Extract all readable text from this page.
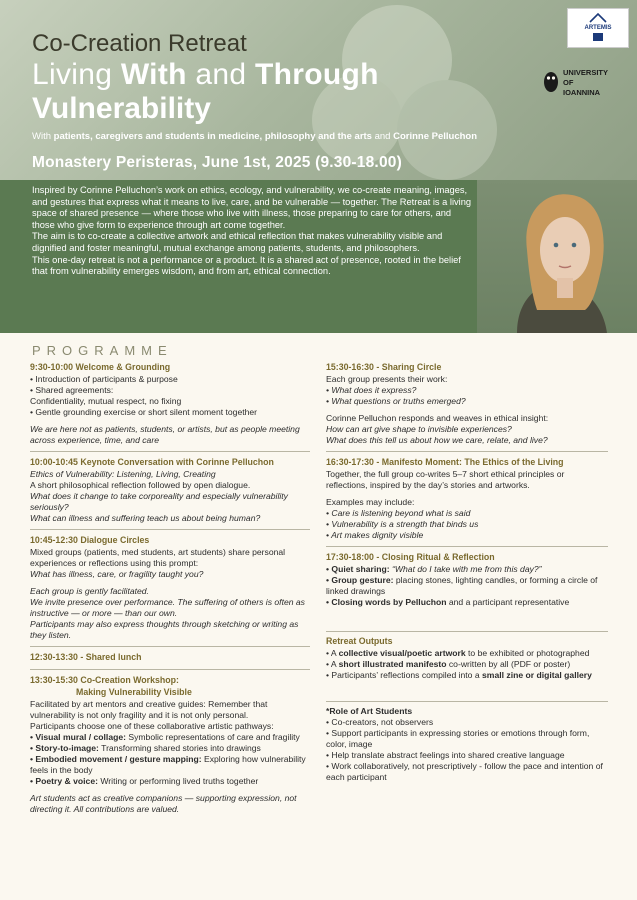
Co-Creation Retreat
Living With and Through
Vulnerability
With patients, caregivers and students in medicine, philosophy and the arts and Corinne Pelluchon
Monastery Peristeras, June 1st, 2025 (9.30-18.00)
ARTEMIS
UNIVERSITY
OF
IOANNINA

Inspired by Corinne Pelluchon’s work on ethics, ecology, and vulnerability, we co-create meaning, images, and gestures that express what it means to live, care, and be vulnerable — together. The Retreat is a living space of shared presence — where those who live with illness, those preparing to care for others, and those who give form to experience through art come together.

The aim is to co-create a collective artwork and ethical reflection that makes vulnerability visible and dignified and foster meaningful, mutual exchange among patients, students, and philosophers.

This one-day retreat is not a performance or a product. It is a shared act of presence, rooted in the belief that from vulnerability emerges wisdom, and from art, ethical connection.

PROGRAMME
9:30-10:00 Welcome & Grounding
• Introduction of participants & purpose
• Shared agreements:
Confidentiality, mutual respect, no fixing
• Gentle grounding exercise or short silent moment together
We are here not as patients, students, or artists, but as people meeting across experience, time, and care
10:00-10:45 Keynote Conversation with Corinne Pelluchon
Ethics of Vulnerability: Listening, Living, Creating
A short philosophical reflection followed by open dialogue.
What does it change to take corporeality and especially vulnerability seriously?
What can illness and suffering teach us about being human?
10:45-12:30 Dialogue Circles
Mixed groups (patients, med students, art students) share personal experiences or reflections using this prompt:
What has illness, care, or fragility taught you?
Each group is gently facilitated.
We invite presence over performance. The suffering of others is often as instructive — or more — than our own.
Participants may also express thoughts through sketching or writing as they listen.
12:30-13:30 - Shared lunch
13:30-15:30 Co-Creation Workshop:
Making Vulnerability Visible
Facilitated by art mentors and creative guides: Remember that vulnerability is not only fragility and it is not only personal.
Participants choose one of these collaborative artistic pathways:
• Visual mural / collage: Symbolic representations of care and fragility
• Story-to-image: Transforming shared stories into drawings
• Embodied movement / gesture mapping: Exploring how vulnerability feels in the body
• Poetry & voice: Writing or performing lived truths together
Art students act as creative companions — supporting expression, not directing it. All contributions are valued.
15:30-16:30 - Sharing Circle
Each group presents their work:
• What does it express?
• What questions or truths emerged?
Corinne Pelluchon responds and weaves in ethical insight:
How can art give shape to invisible experiences?
What does this tell us about how we care, relate, and live?
16:30-17:30 - Manifesto Moment: The Ethics of the Living
Together, the full group co-writes 5–7 short ethical principles or reflections, inspired by the day’s stories and artworks.
Examples may include:
• Care is listening beyond what is said
• Vulnerability is a strength that binds us
• Art makes dignity visible
17:30-18:00 - Closing Ritual & Reflection
• Quiet sharing: “What do I take with me from this day?”
• Group gesture: placing stones, lighting candles, or forming a circle of linked drawings
• Closing words by Pelluchon and a participant representative
Retreat Outputs
• A collective visual/poetic artwork to be exhibited or photographed
• A short illustrated manifesto co-written by all (PDF or poster)
• Participants’ reflections compiled into a small zine or digital gallery
*Role of Art Students
• Co-creators, not observers
• Support participants in expressing stories or emotions through form, color, image
• Help translate abstract feelings into shared creative language
• Work collaboratively, not prescriptively - follow the pace and intention of each participant
